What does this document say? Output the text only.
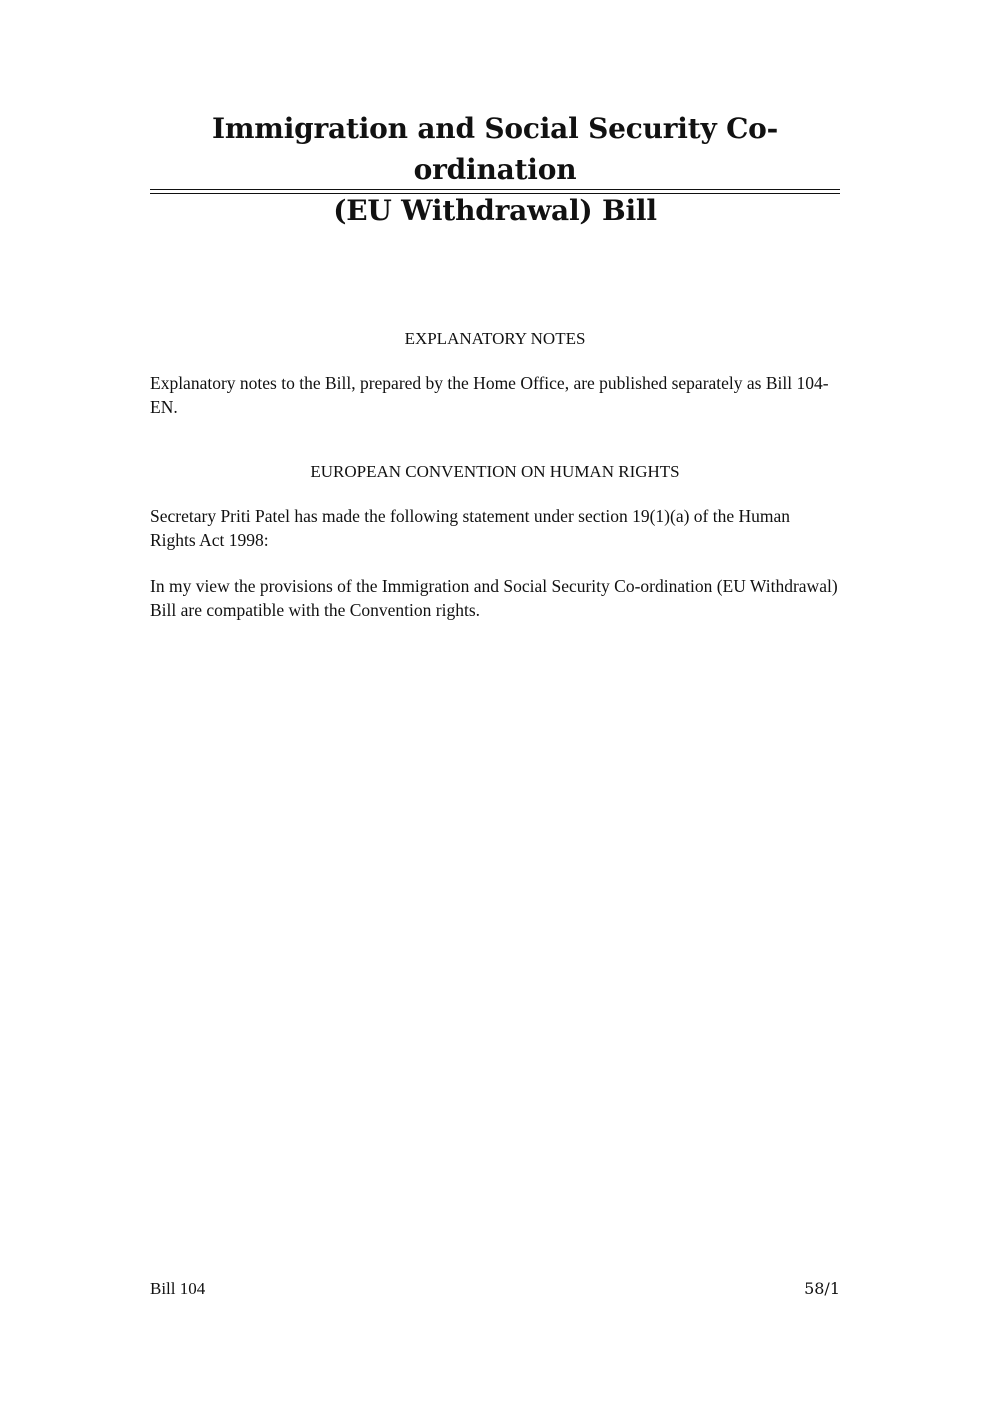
Immigration and Social Security Co-ordination
(EU Withdrawal) Bill
EXPLANATORY NOTES
Explanatory notes to the Bill, prepared by the Home Office, are published separately as Bill 104-EN.
EUROPEAN CONVENTION ON HUMAN RIGHTS
Secretary Priti Patel has made the following statement under section 19(1)(a) of the Human Rights Act 1998:
In my view the provisions of the Immigration and Social Security Co-ordination (EU Withdrawal) Bill are compatible with the Convention rights.
Bill 104	58/1
